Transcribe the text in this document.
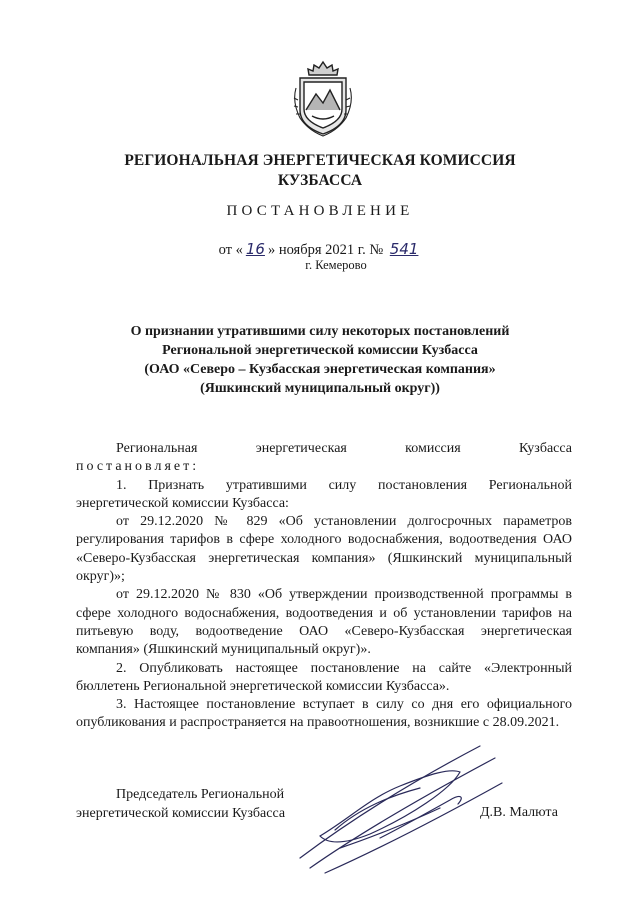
РЕГИОНАЛЬНАЯ ЭНЕРГЕТИЧЕСКАЯ КОМИССИЯ
КУЗБАССА
ПОСТАНОВЛЕНИЕ
от « 16 » ноября 2021 г. № 541
г. Кемерово
О признании утратившими силу некоторых постановлений
Региональной энергетической комиссии Кузбасса
(ОАО «Северо – Кузбасская энергетическая компания»
(Яшкинский муниципальный округ))
Региональная	энергетическая	комиссия	Кузбасса

постановляет:

1. Признать утратившими силу постановления Региональной энергетической комиссии Кузбасса:

от 29.12.2020 № 829 «Об установлении долгосрочных параметров регулирования тарифов в сфере холодного водоснабжения, водоотведения ОАО «Северо-Кузбасская энергетическая компания» (Яшкинский муниципальный округ)»;

от 29.12.2020 № 830 «Об утверждении производственной программы в сфере холодного водоснабжения, водоотведения и об установлении тарифов на питьевую воду, водоотведение ОАО «Северо-Кузбасская энергетическая компания» (Яшкинский муниципальный округ)».

2. Опубликовать настоящее постановление на сайте «Электронный бюллетень Региональной энергетической комиссии Кузбасса».

3. Настоящее постановление вступает в силу со дня его официального опубликования и распространяется на правоотношения, возникшие с 28.09.2021.

Председатель Региональной
энергетической комиссии Кузбасса	Д.В. Малюта
